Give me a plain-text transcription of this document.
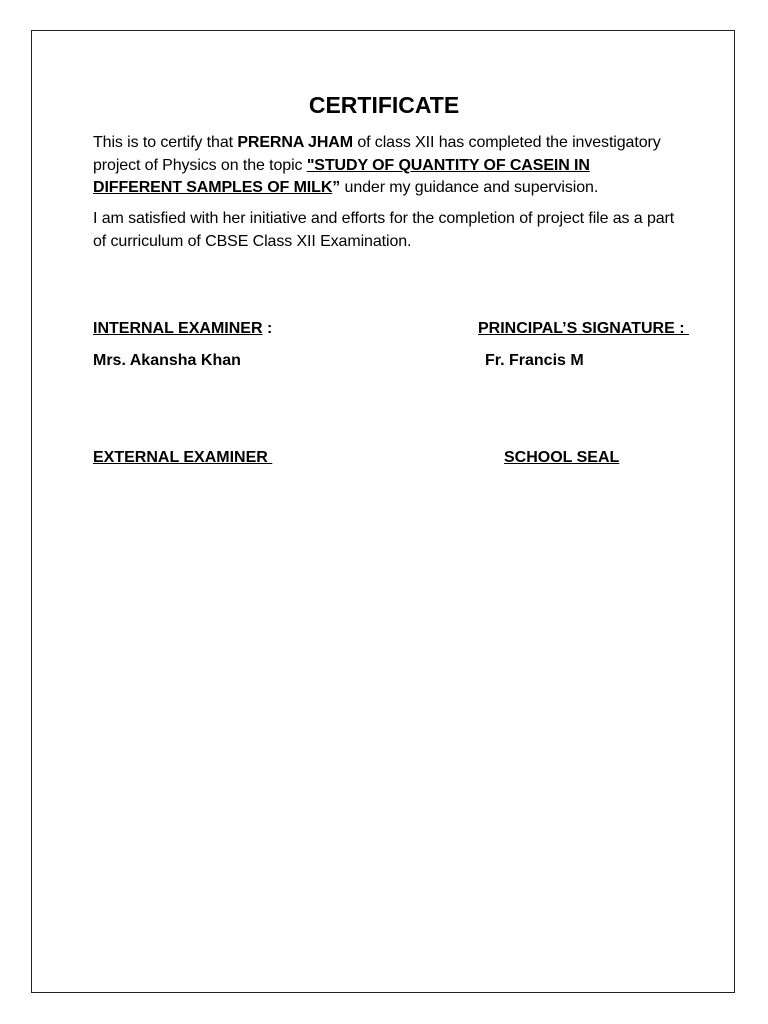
CERTIFICATE
This is to certify that PRERNA JHAM of class XII has completed the investigatory project of Physics on the topic "STUDY OF QUANTITY OF CASEIN IN DIFFERENT SAMPLES OF MILK” under my guidance and supervision.
I am satisfied with her initiative and efforts for the completion of project file as a part of curriculum of CBSE Class XII Examination.
INTERNAL EXAMINER :
Mrs. Akansha Khan
PRINCIPAL’S SIGNATURE :
Fr. Francis M
EXTERNAL EXAMINER	SCHOOL SEAL
